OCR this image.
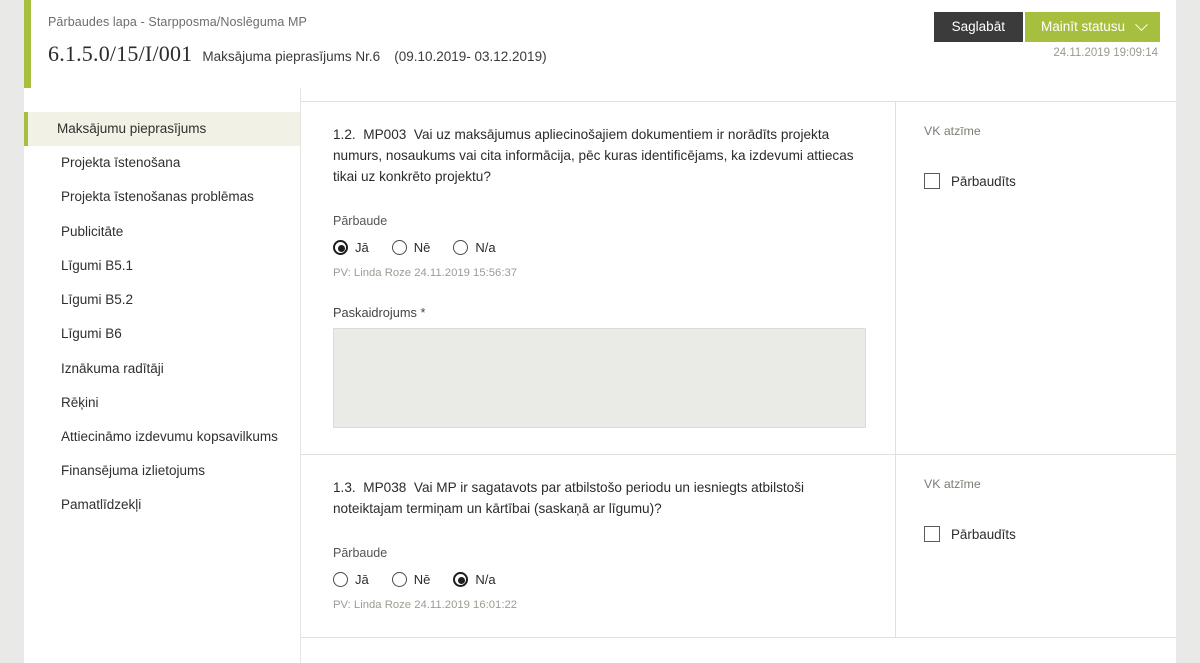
Pārbaudes lapa - Starpposma/Noslēguma MP
6.1.5.0/15/I/001 Maksājuma pieprasījums Nr.6 (09.10.2019- 03.12.2019)
Saglabāt	Mainīt statusu
24.11.2019 19:09:14
Maksājumu pieprasījums
Projekta īstenošana
Projekta īstenošanas problēmas
Publicitāte
Līgumi B5.1
Līgumi B5.2
Līgumi B6
Iznākuma radītāji
Rēķini
Attiecināmo izdevumu kopsavilkums
Finansējuma izlietojums
Pamatlīdzekļi
1.2. MP003 Vai uz maksājumus apliecinošajiem dokumentiem ir norādīts projekta numurs, nosaukums vai cita informācija, pēc kuras identificējams, ka izdevumi attiecas tikai uz konkrēto projektu?
Pārbaude
Jā	Nē	N/a
PV: Linda Roze 24.11.2019 15:56:37
Paskaidrojums *
VK atzīme
Pārbaudīts
1.3. MP038 Vai MP ir sagatavots par atbilstošo periodu un iesniegts atbilstoši noteiktajam termiņam un kārtībai (saskaņā ar līgumu)?
Pārbaude
Jā	Nē	N/a
PV: Linda Roze 24.11.2019 16:01:22
VK atzīme
Pārbaudīts
